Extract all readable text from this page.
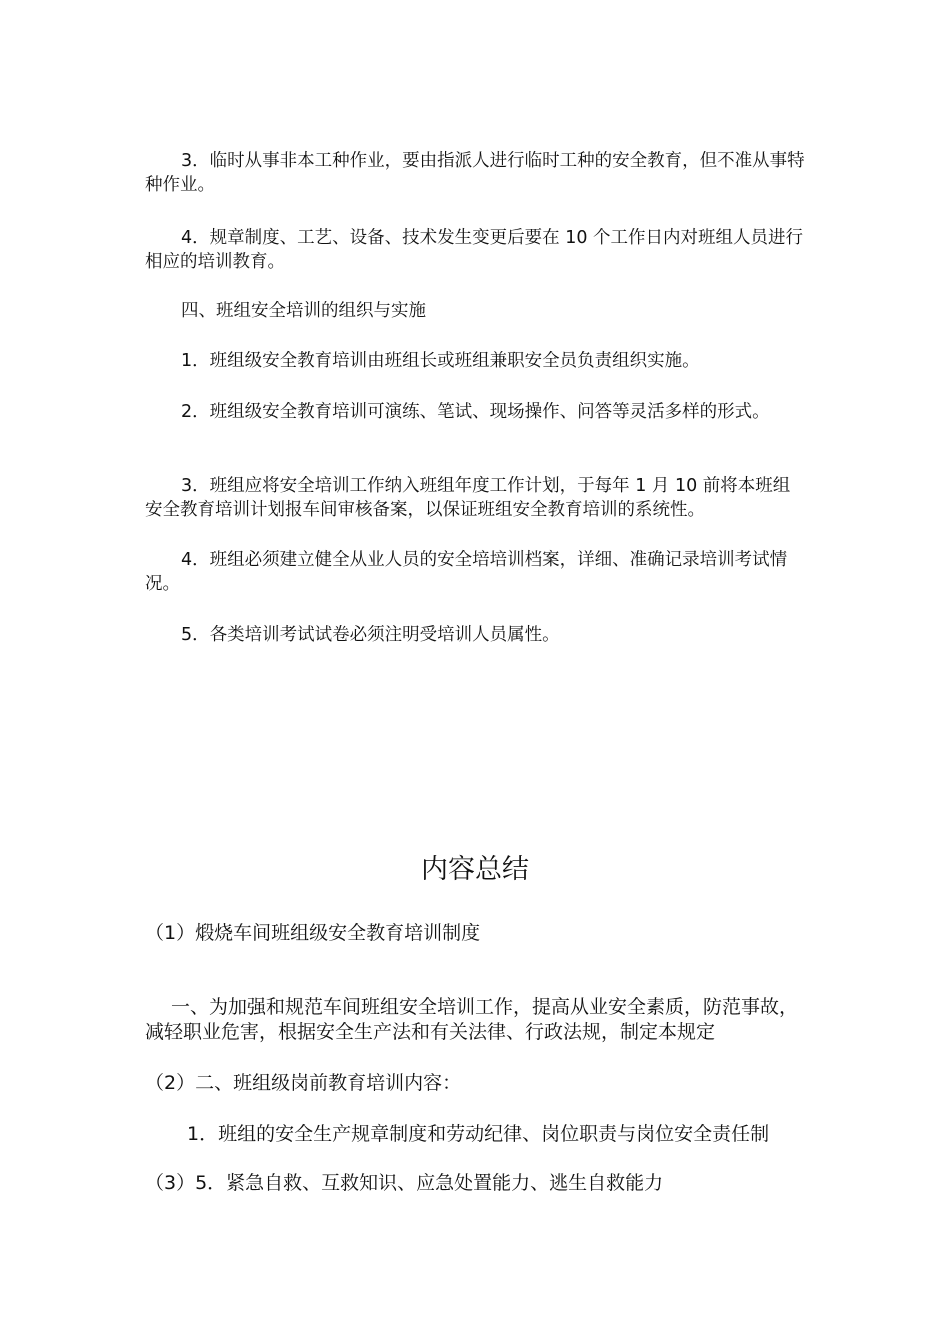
3．临时从事非本工种作业，要由指派人进行临时工种的安全教育，但不准从事特种作业。

4．规章制度、工艺、设备、技术发生变更后要在 10 个工作日内对班组人员进行相应的培训教育。

四、班组安全培训的组织与实施

1．班组级安全教育培训由班组长或班组兼职安全员负责组织实施。

2．班组级安全教育培训可演练、笔试、现场操作、问答等灵活多样的形式。

3．班组应将安全培训工作纳入班组年度工作计划，于每年 1 月 10 前将本班组安全教育培训计划报车间审核备案，以保证班组安全教育培训的系统性。

4．班组必须建立健全从业人员的安全培培训档案，详细、准确记录培训考试情况。

5．各类培训考试试卷必须注明受培训人员属性。

内容总结

（1）煅烧车间班组级安全教育培训制度

一、为加强和规范车间班组安全培训工作，提高从业安全素质，防范事故，减轻职业危害，根据安全生产法和有关法律、行政法规，制定本规定

（2）二、班组级岗前教育培训内容：

1．班组的安全生产规章制度和劳动纪律、岗位职责与岗位安全责任制

（3）5．紧急自救、互救知识、应急处置能力、逃生自救能力
